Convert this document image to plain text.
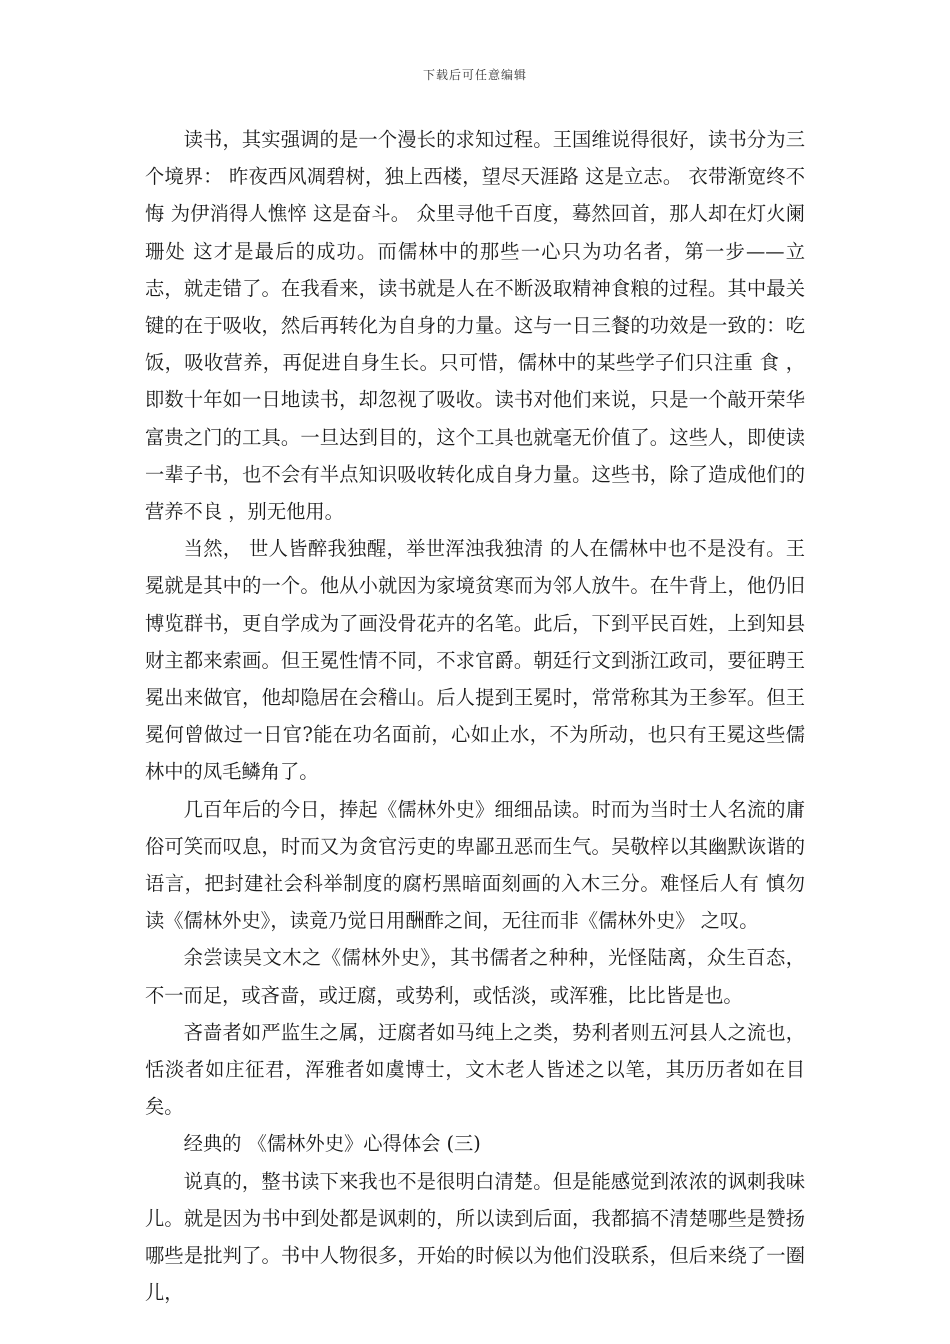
下载后可任意编辑

读书，其实强调的是一个漫长的求知过程。王国维说得很好，读书分为三个境界： 昨夜西风凋碧树，独上西楼，望尽天涯路 这是立志。 衣带渐宽终不悔 为伊消得人憔悴 这是奋斗。 众里寻他千百度，蓦然回首，那人却在灯火阑珊处 这才是最后的成功。而儒林中的那些一心只为功名者，第一步——立志，就走错了。在我看来，读书就是人在不断汲取精神食粮的过程。其中最关键的在于吸收，然后再转化为自身的力量。这与一日三餐的功效是一致的：吃饭，吸收营养，再促进自身生长。只可惜，儒林中的某些学子们只注重 食 ，即数十年如一日地读书，却忽视了吸收。读书对他们来说，只是一个敲开荣华富贵之门的工具。一旦达到目的，这个工具也就毫无价值了。这些人，即使读一辈子书，也不会有半点知识吸收转化成自身力量。这些书，除了造成他们的 营养不良 ，别无他用。

当然， 世人皆醉我独醒，举世浑浊我独清 的人在儒林中也不是没有。王冕就是其中的一个。他从小就因为家境贫寒而为邻人放牛。在牛背上，他仍旧博览群书，更自学成为了画没骨花卉的名笔。此后，下到平民百姓，上到知县财主都来索画。但王冕性情不同，不求官爵。朝廷行文到浙江政司，要征聘王冕出来做官，他却隐居在会稽山。后人提到王冕时，常常称其为王参军。但王冕何曾做过一日官?能在功名面前，心如止水，不为所动，也只有王冕这些儒林中的凤毛鳞角了。

几百年后的今日，捧起《儒林外史》细细品读。时而为当时士人名流的庸俗可笑而叹息，时而又为贪官污吏的卑鄙丑恶而生气。吴敬梓以其幽默诙谐的语言，把封建社会科举制度的腐朽黑暗面刻画的入木三分。难怪后人有 慎勿读《儒林外史》，读竟乃觉日用酬酢之间，无往而非《儒林外史》 之叹。

余尝读吴文木之《儒林外史》，其书儒者之种种，光怪陆离，众生百态，不一而足，或吝啬，或迂腐，或势利，或恬淡，或浑雅，比比皆是也。

吝啬者如严监生之属，迂腐者如马纯上之类，势利者则五河县人之流也，恬淡者如庄征君，浑雅者如虞博士，文木老人皆述之以笔，其历历者如在目矣。

经典的 《儒林外史》心得体会 (三)

说真的，整书读下来我也不是很明白清楚。但是能感觉到浓浓的讽刺我味儿。就是因为书中到处都是讽刺的，所以读到后面，我都搞不清楚哪些是赞扬哪些是批判了。书中人物很多，开始的时候以为他们没联系，但后来绕了一圈儿，
